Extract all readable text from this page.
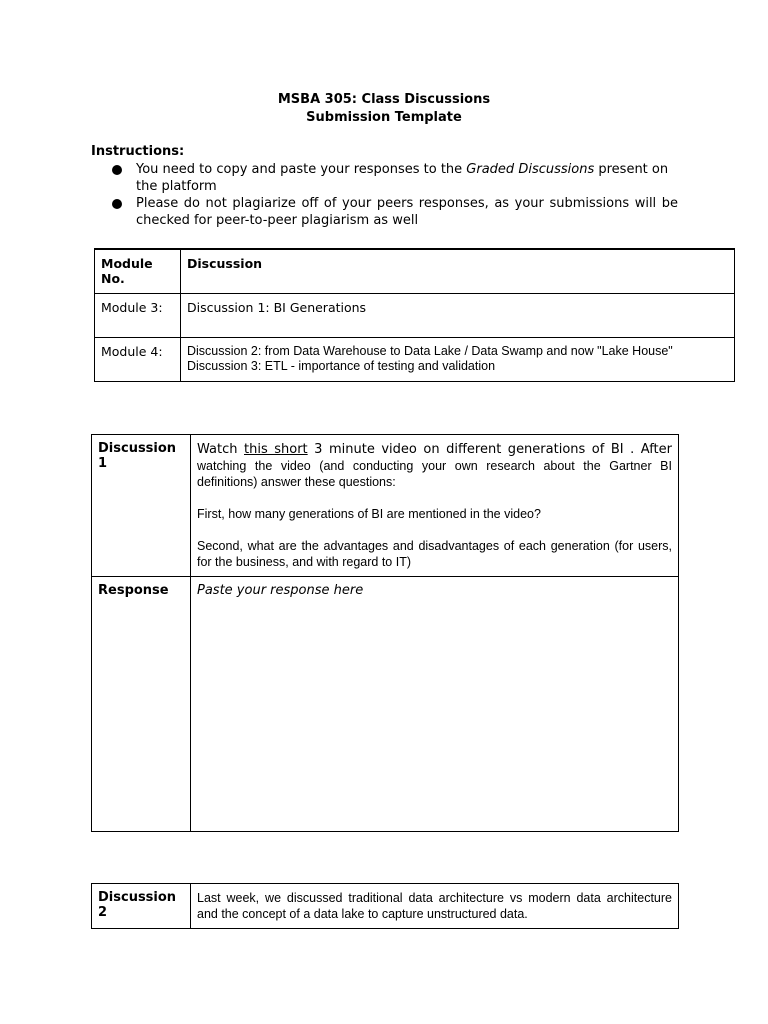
MSBA 305: Class Discussions
Submission Template
Instructions:
You need to copy and paste your responses to the Graded Discussions present on the platform
Please do not plagiarize off of your peers responses, as your submissions will be checked for peer-to-peer plagiarism as well
Module No.	Discussion
Module 3:	Discussion 1: BI Generations

Module 4:	Discussion 2: from Data Warehouse to Data Lake / Data Swamp and now "Lake House"
Discussion 3: ETL - importance of testing and validation
Discussion 1	Watch this short 3 minute video on different generations of BI . After watching the video (and conducting your own research about the Gartner BI definitions) answer these questions:

First, how many generations of BI are mentioned in the video?

Second, what are the advantages and disadvantages of each generation (for users, for the business, and with regard to IT)

Response	Paste your response here
Discussion 2	Last week, we discussed traditional data architecture vs modern data architecture and the concept of a data lake to capture unstructured data.
